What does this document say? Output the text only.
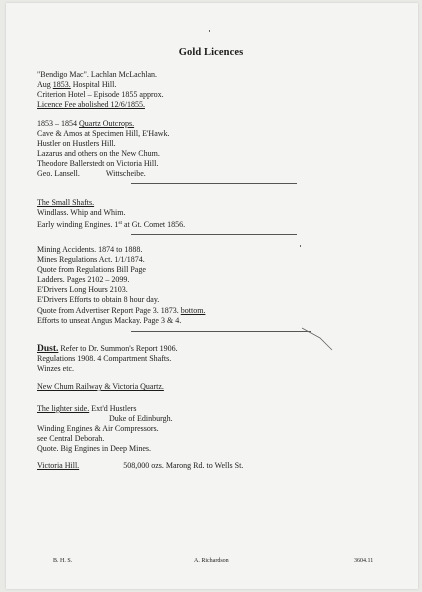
Gold Licences
"Bendigo Mac". Lachlan McLachlan.
Aug 1853. Hospital Hill.
Criterion Hotel – Episode 1855 approx.
Licence Fee abolished 12/6/1855.
1853 – 1854 Quartz Outcrops.
Cave & Amos at Specimen Hill, E'Hawk.
Hustler on Hustlers Hill.
Lazarus and others on the New Chum.
Theodore Ballerstedt on Victoria Hill.
Geo. Lansell.	Wittscheibe.
The Small Shafts.
Windlass. Whip and Whim.
Early winding Engines. 1st at Gt. Comet 1856.
Mining Accidents. 1874 to 1888.
Mines Regulations Act. 1/1/1874.
Quote from Regulations Bill Page
Ladders. Pages 2102 – 2099.
E'Drivers Long Hours 2103.
E'Drivers Efforts to obtain 8 hour day.
Quote from Advertiser Report Page 3. 1873. bottom.
Efforts to unseat Angus Mackay. Page 3 & 4.
Dust. Refer to Dr. Summon's Report 1906.
Regulations 1908. 4 Compartment Shafts.
Winzes etc.
New Chum Railway & Victoria Quartz.
The lighter side. Ext'd Hustlers
Duke of Edinburgh.
Winding Engines & Air Compressors.
see Central Deborah.
Quote. Big Engines in Deep Mines.
Victoria Hill.	508,000 ozs. Marong Rd. to Wells St.
B. H. S.	A. Richardson	3604.11
